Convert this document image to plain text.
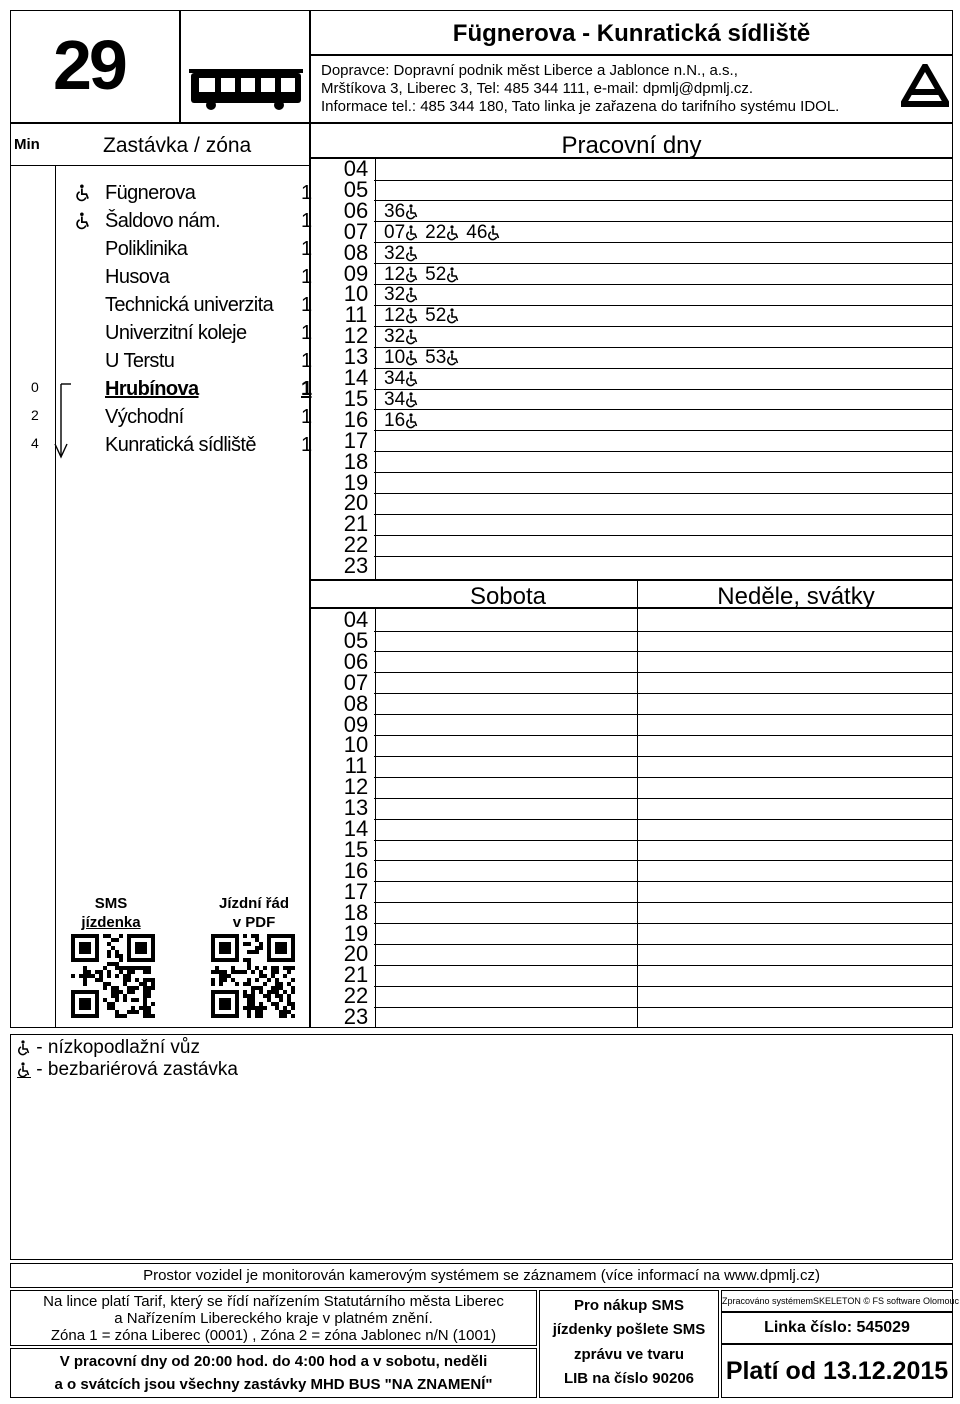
29	Fügnerova - Kunratická sídliště
Dopravce: Dopravní podnik měst Liberce a Jablonce n.N., a.s.,
Mrštíkova 3, Liberec 3, Tel: 485 344 111, e-mail: dpmlj@dpmlj.cz.
Informace tel.: 485 344 180, Tato linka je zařazena do tarifního systému IDOL.
Min	Zastávka / zóna
Fügnerova	1
Šaldovo nám.	1
Poliklinika	1
Husova	1
Technická univerzita 1
Univerzitní koleje	1
U Terstu	1
0	Hrubínova	1
2	Východní	1
4	Kunratická sídliště 1
SMS
jízdenka
Jízdní řád
v PDF
Pracovní dny
04
05
06 36
07 07 22 46
08 32
09 12 52
10 32
11 12 52
12 32
13 10 53
14 34
15 34
16 16
17
18
19
20
21
22
23
Sobota	Neděle, svátky
04
05
06
07
08
09
10
11
12
13
14
15
16
17
18
19
20
21
22
23
- nízkopodlažní vůz
- bezbariérová zastávka
Prostor vozidel je monitorován kamerovým systémem se záznamem (více informací na www.dpmlj.cz)
Na lince platí Tarif, který se řídí nařízením Statutárního města Liberec
a Nařízením Libereckého kraje v platném znění.
Zóna 1 = zóna Liberec (0001) , Zóna 2 = zóna Jablonec n/N (1001)
V pracovní dny od 20:00 hod. do 4:00 hod a v sobotu, neděli
a o svátcích jsou všechny zastávky MHD BUS "NA ZNAMENÍ"
Pro nákup SMS
jízdenky pošlete SMS
zprávu ve tvaru
LIB na číslo 90206
Zpracováno systémemSKELETON © FS software Olomouc
Linka číslo: 545029
Platí od 13.12.2015
